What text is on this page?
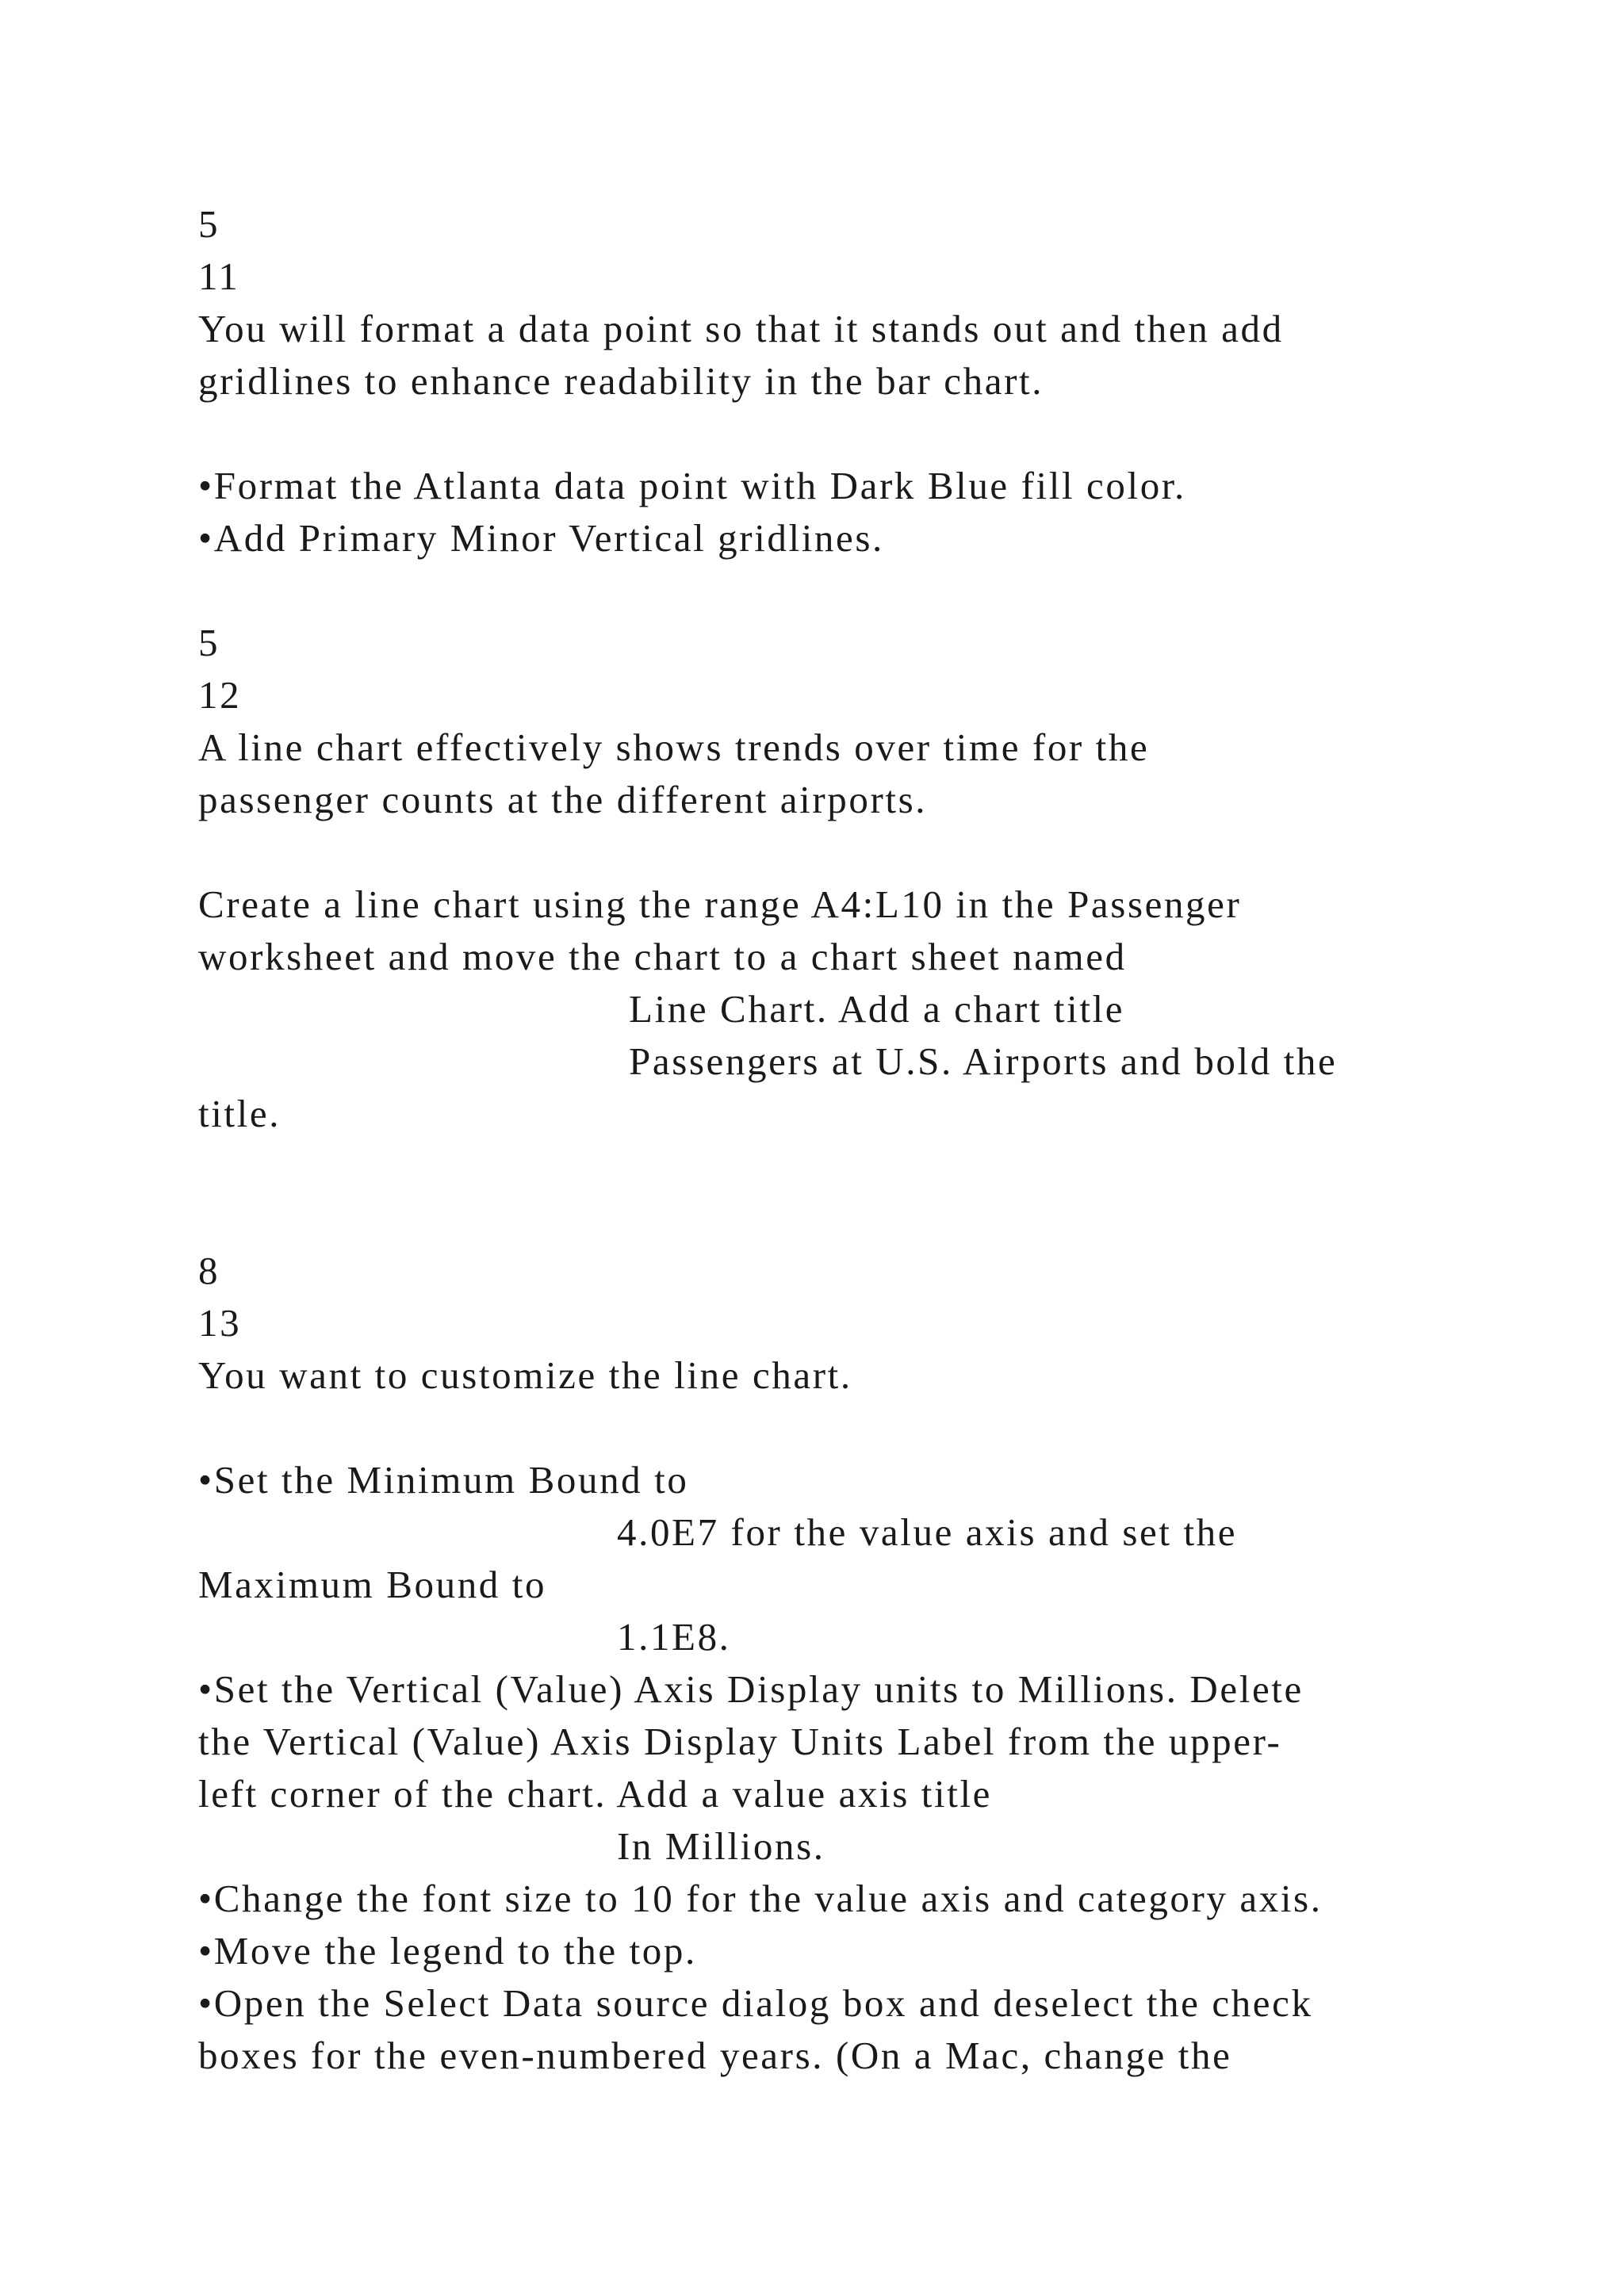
5
11
You will format a data point so that it stands out and then add
gridlines to enhance readability in the bar chart.
•Format the Atlanta data point with Dark Blue fill color.
•Add Primary Minor Vertical gridlines.
5
12
A line chart effectively shows trends over time for the
passenger counts at the different airports.
Create a line chart using the range A4:L10 in the Passenger
worksheet and move the chart to a chart sheet named
Line Chart. Add a chart title
Passengers at U.S. Airports and bold the
title.
8
13
You want to customize the line chart.
•Set the Minimum Bound to
4.0E7 for the value axis and set the
Maximum Bound to
1.1E8.
•Set the Vertical (Value) Axis Display units to Millions. Delete
the Vertical (Value) Axis Display Units Label from the upper-
left corner of the chart. Add a value axis title
In Millions.
•Change the font size to 10 for the value axis and category axis.
•Move the legend to the top.
•Open the Select Data source dialog box and deselect the check
boxes for the even-numbered years. (On a Mac, change the
